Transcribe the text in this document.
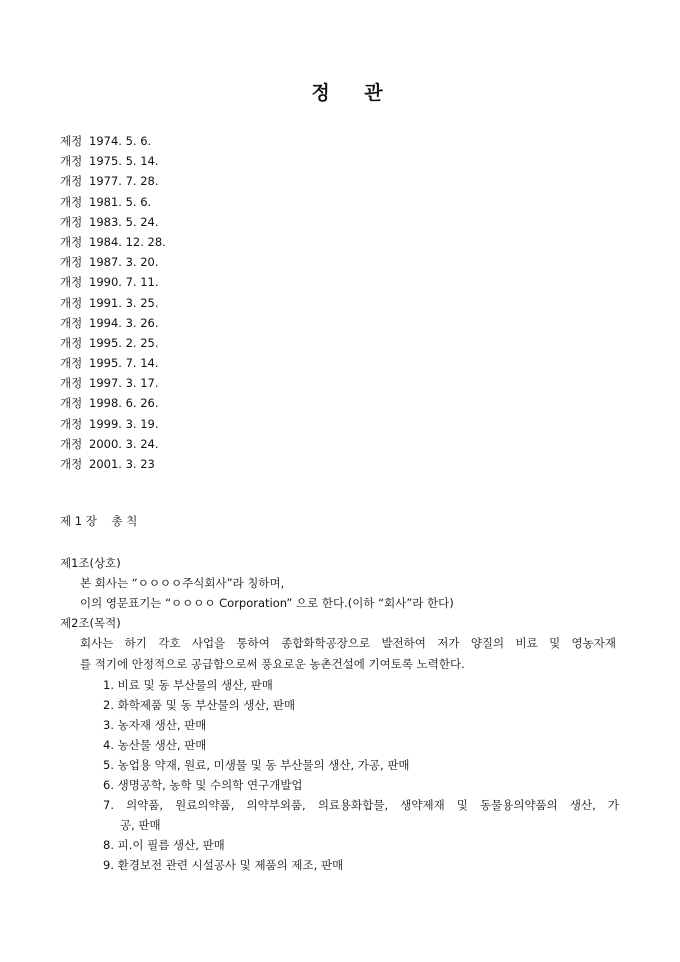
정 관
제정 1974. 5. 6.
개정 1975. 5. 14.
개정 1977. 7. 28.
개정 1981. 5. 6.
개정 1983. 5. 24.
개정 1984. 12. 28.
개정 1987. 3. 20.
개정 1990. 7. 11.
개정 1991. 3. 25.
개정 1994. 3. 26.
개정 1995. 2. 25.
개정 1995. 7. 14.
개정 1997. 3. 17.
개정 1998. 6. 26.
개정 1999. 3. 19.
개정 2000. 3. 24.
개정 2001. 3. 23
제 1 장    총 칙
제1조(상호)
본 회사는 “ㅇㅇㅇㅇ주식회사”라 칭하며,
이의 영문표기는 “ㅇㅇㅇㅇ Corporation” 으로 한다.(이하 “회사”라 한다)
제2조(목적)
회사는 하기 각호 사업을 통하여 종합화학공장으로 발전하여 저가 양질의 비료 및 영농자재
를 적기에 안정적으로 공급함으로써 풍요로운 농촌건설에 기여토록 노력한다.
1. 비료 및 동 부산물의 생산, 판매
2. 화학제품 및 동 부산물의 생산, 판매
3. 농자재 생산, 판매
4. 농산물 생산, 판매
5. 농업용 약재, 원료, 미생물 및 동 부산물의 생산, 가공, 판매
6. 생명공학, 농학 및 수의학 연구개발업
7. 의약품, 원료의약품, 의약부외품, 의료용화합물, 생약제재 및 동물용의약품의 생산, 가
공, 판매
8. 피.이 필름 생산, 판매
9. 환경보전 관련 시설공사 및 제품의 제조, 판매
